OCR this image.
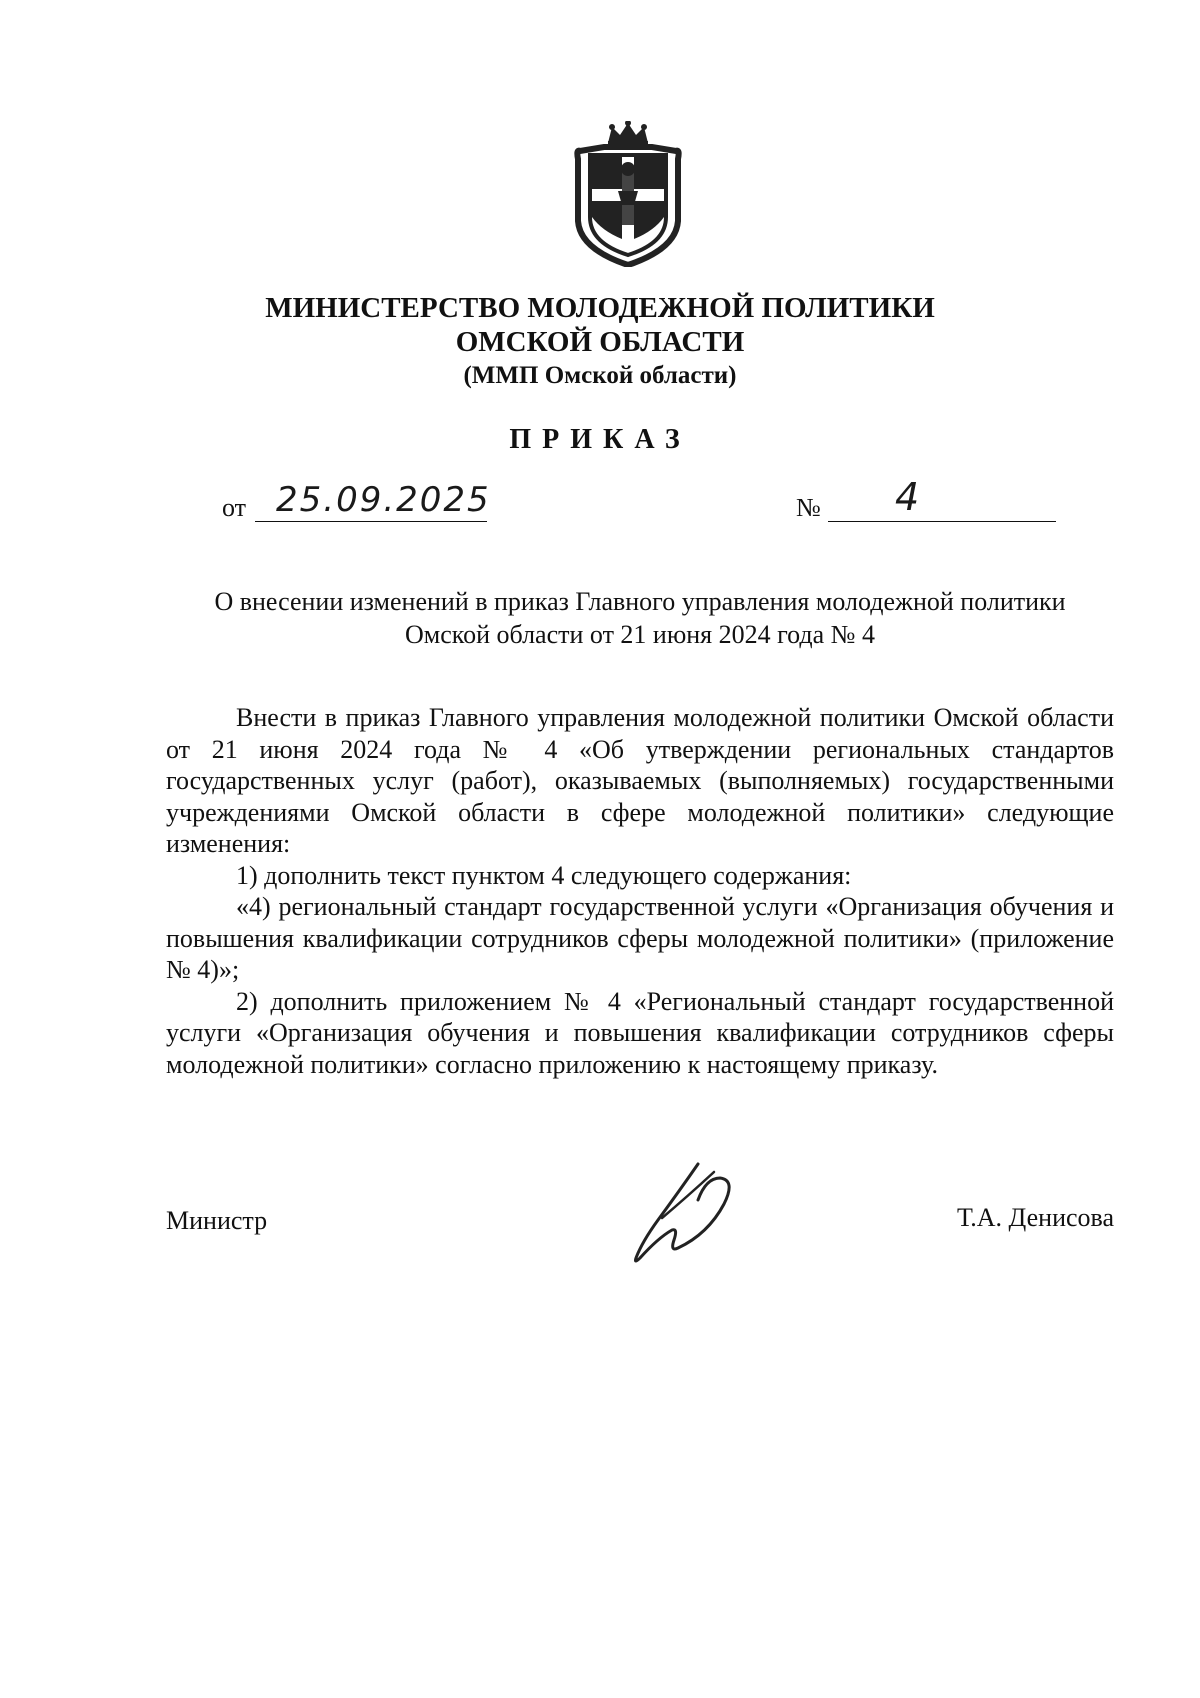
МИНИСТЕРСТВО МОЛОДЕЖНОЙ ПОЛИТИКИ
ОМСКОЙ ОБЛАСТИ
(ММП Омской области)
ПРИКАЗ
от 25.09.2025	№ 4
О внесении изменений в приказ Главного управления молодежной политики
Омской области от 21 июня 2024 года № 4

Внести в приказ Главного управления молодежной политики Омской области от 21 июня 2024 года № 4 «Об утверждении региональных стандартов государственных услуг (работ), оказываемых (выполняемых) государственными учреждениями Омской области в сфере молодежной политики» следующие изменения:

1) дополнить текст пунктом 4 следующего содержания:

«4) региональный стандарт государственной услуги «Организация обучения и повышения квалификации сотрудников сферы молодежной политики» (приложение № 4)»;

2) дополнить приложением № 4 «Региональный стандарт государственной услуги «Организация обучения и повышения квалификации сотрудников сферы молодежной политики» согласно приложению к настоящему приказу.

Министр	Т.А. Денисова
